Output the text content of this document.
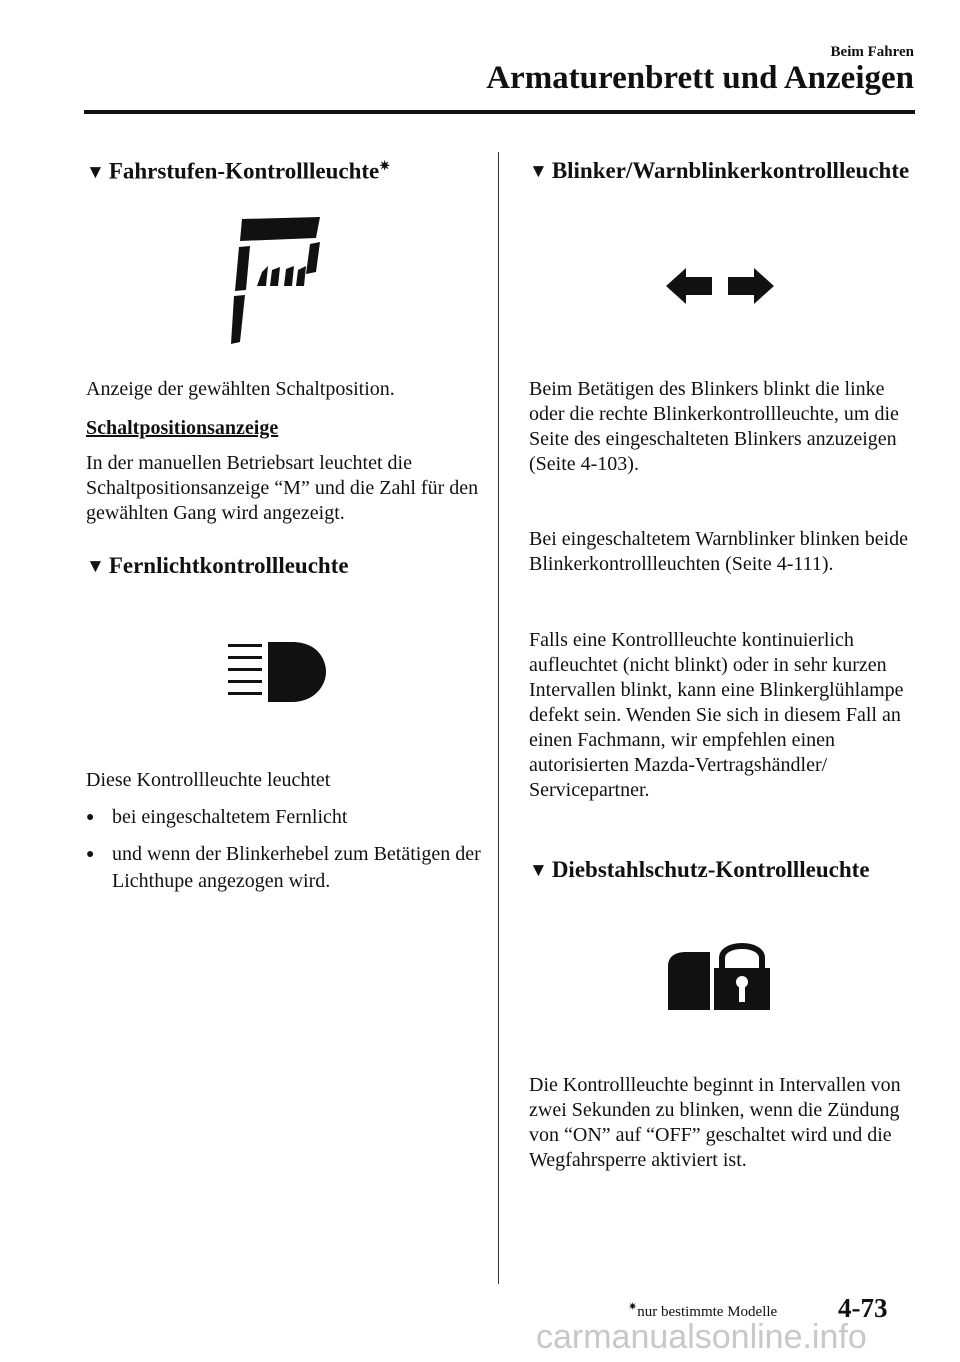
Beim Fahren
Armaturenbrett und Anzeigen
▼ Fahrstufen-Kontrollleuchte✷

Anzeige der gewählten Schaltposition.

Schaltpositionsanzeige

In der manuellen Betriebsart leuchtet die Schaltpositionsanzeige “M” und die Zahl für den gewählten Gang wird angezeigt.

▼ Fernlichtkontrollleuchte

Diese Kontrollleuchte leuchtet

● bei eingeschaltetem Fernlicht
● und wenn der Blinkerhebel zum Betätigen der Lichthupe angezogen wird.
▼ Blinker/Warnblinkerkontrollleuchte

Beim Betätigen des Blinkers blinkt die linke oder die rechte Blinkerkontrollleuchte, um die Seite des eingeschalteten Blinkers anzuzeigen (Seite 4-103).

Bei eingeschaltetem Warnblinker blinken beide Blinkerkontrollleuchten (Seite 4-111).

Falls eine Kontrollleuchte kontinuierlich aufleuchtet (nicht blinkt) oder in sehr kurzen Intervallen blinkt, kann eine Blinkerglühlampe defekt sein. Wenden Sie sich in diesem Fall an einen Fachmann, wir empfehlen einen autorisierten Mazda-Vertragshändler/ Servicepartner.

▼ Diebstahlschutz-Kontrollleuchte

Die Kontrollleuchte beginnt in Intervallen von zwei Sekunden zu blinken, wenn die Zündung von “ON” auf “OFF” geschaltet wird und die Wegfahrsperre aktiviert ist.

✷nur bestimmte Modelle 4-73
carmanualsonline.info
